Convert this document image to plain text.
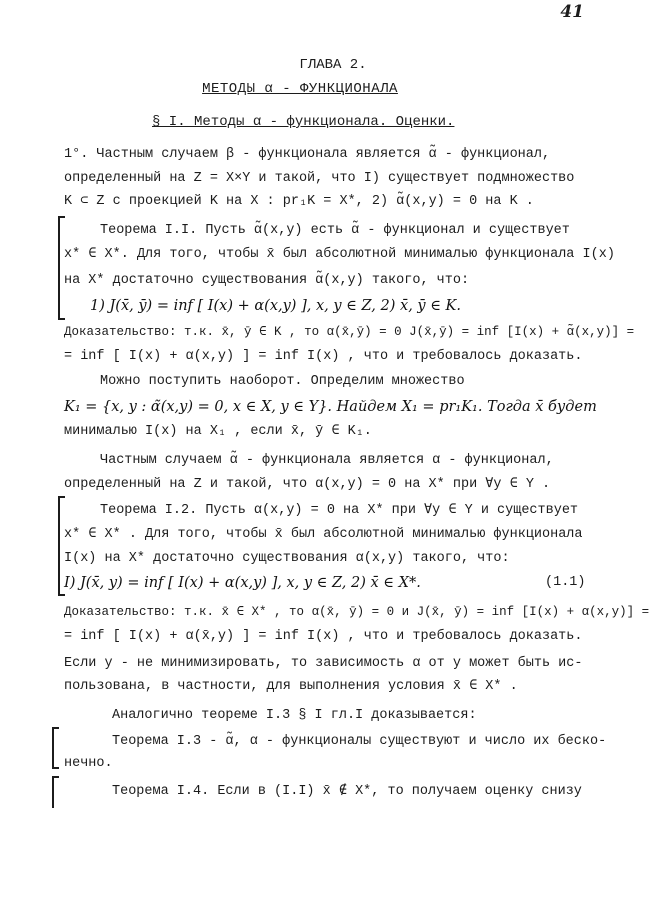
41
ГЛАВА 2.
МЕТОДЫ α - ФУНКЦИОНАЛА
§ I. Методы α - функционала. Оценки.
1°. Частным случаем β - функционала является α̃ - функционал,
определенный на Z = X×Y и такой, что I) существует подмножество
K ⊂ Z с проекцией K на X : pr₁K = X*, 2) α̃(x,y) = 0 на K .
Теорема I.I. Пусть α̃(x,y) есть α̃ - функционал и существует
x* ∈ X*. Для того, чтобы x̄ был абсолютной минималью функционала I(x)
на X* достаточно существования α̃(x,y) такого, что:
1) J(x̄, ȳ) = inf [ I(x) + α(x,y) ], x, y ∈ Z, 2) x̄, ȳ ∈ K.
Доказательство: т.к. x̄, ȳ ∈ K , то α(x̄,ȳ) = 0 J(x̄,ȳ) = inf [I(x) + α̃(x,y)] =
= inf [ I(x) + α(x,y) ] = inf I(x) , что и требовалось доказать.
Можно поступить наоборот. Определим множество
K₁ = {x, y : α̃(x,y) = 0, x ∈ X, y ∈ Y}. Найдем X₁ = pr₁K₁. Тогда x̄ будет
минималью I(x) на X₁ , если x̄, ȳ ∈ K₁.
Частным случаем α̃ - функционала является α - функционал,
определенный на Z и такой, что α(x,y) = 0 на X* при ∀y ∈ Y .
Теорема I.2. Пусть α(x,y) = 0 на X* при ∀y ∈ Y и существует
x* ∈ X* . Для того, чтобы x̄ был абсолютной минималью функционала
I(x) на X* достаточно существования α(x,y) такого, что:
I) J(x̄, y) = inf [ I(x) + α(x,y) ], x, y ∈ Z, 2) x̄ ∈ X*.	(1.1)
Доказательство: т.к. x̄ ∈ X* , то α(x̄, ȳ) = 0 и J(x̄, ȳ) = inf [I(x) + α(x,y)] =
= inf [ I(x) + α(x̄,y) ] = inf I(x) , что и требовалось доказать.
Если y - не минимизировать, то зависимость α от y может быть ис-
пользована, в частности, для выполнения условия x̄ ∈ X* .
Аналогично теореме I.3 § I гл.I доказывается:
Теорема I.3 - α̃, α - функционалы существуют и число их беско-
нечно.
Теорема I.4. Если в (I.I) x̄ ∉ X*, то получаем оценку снизу
